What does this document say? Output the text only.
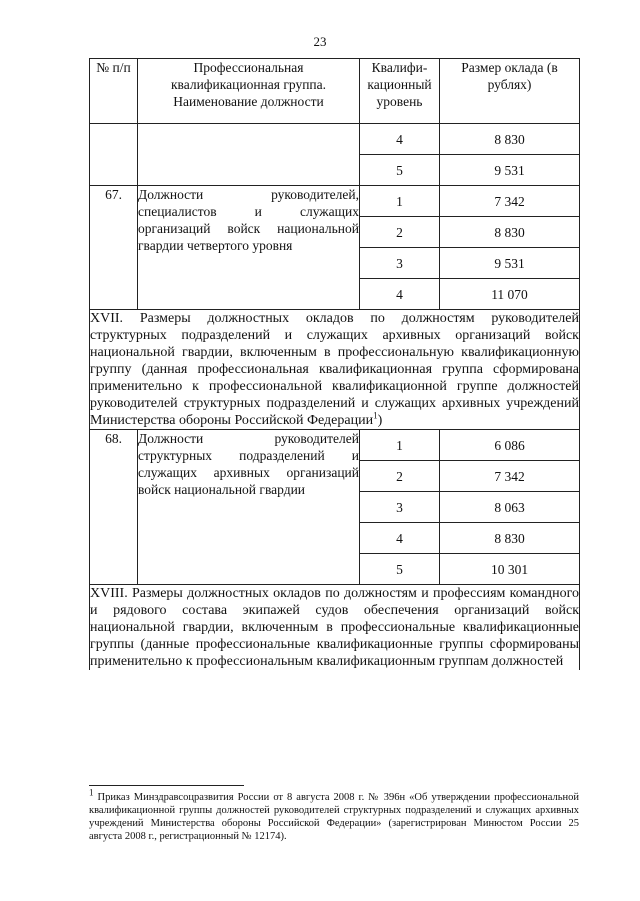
23
№ п/п	Профессиональная квалификационная группа. Наименование должности	Квалифи-кационный уровень	Размер оклада (в рублях)
		4	8 830
		5	9 531
67.	Должности руководителей, специалистов и служащих организаций войск национальной гвардии четвертого уровня	1	7 342
		2	8 830
		3	9 531
		4	11 070
XVII. Размеры должностных окладов по должностям руководителей структурных подразделений и служащих архивных организаций войск национальной гвардии, включенным в профессиональную квалификационную группу (данная профессиональная квалификационная группа сформирована применительно к профессиональной квалификационной группе должностей руководителей структурных подразделений и служащих архивных учреждений Министерства обороны Российской Федерации$^1$)			
68.	Должности руководителей структурных подразделений и служащих архивных организаций войск национальной гвардии	1	6 086
		2	7 342
		3	8 063
		4	8 830
		5	10 301
XVIII. Размеры должностных окладов по должностям и профессиям командного и рядового состава экипажей судов обеспечения организаций войск национальной гвардии, включенным в профессиональные квалификационные группы (данные профессиональные квалификационные группы сформированы применительно к профессиональным квалификационным группам должностей			
$^1$ Приказ Минздравсоцразвития России от 8 августа 2008 г. № 396н «Об утверждении профессиональной квалификационной группы должностей руководителей структурных подразделений и служащих архивных учреждений Министерства обороны Российской Федерации» (зарегистрирован Минюстом России 25 августа 2008 г., регистрационный № 12174).
